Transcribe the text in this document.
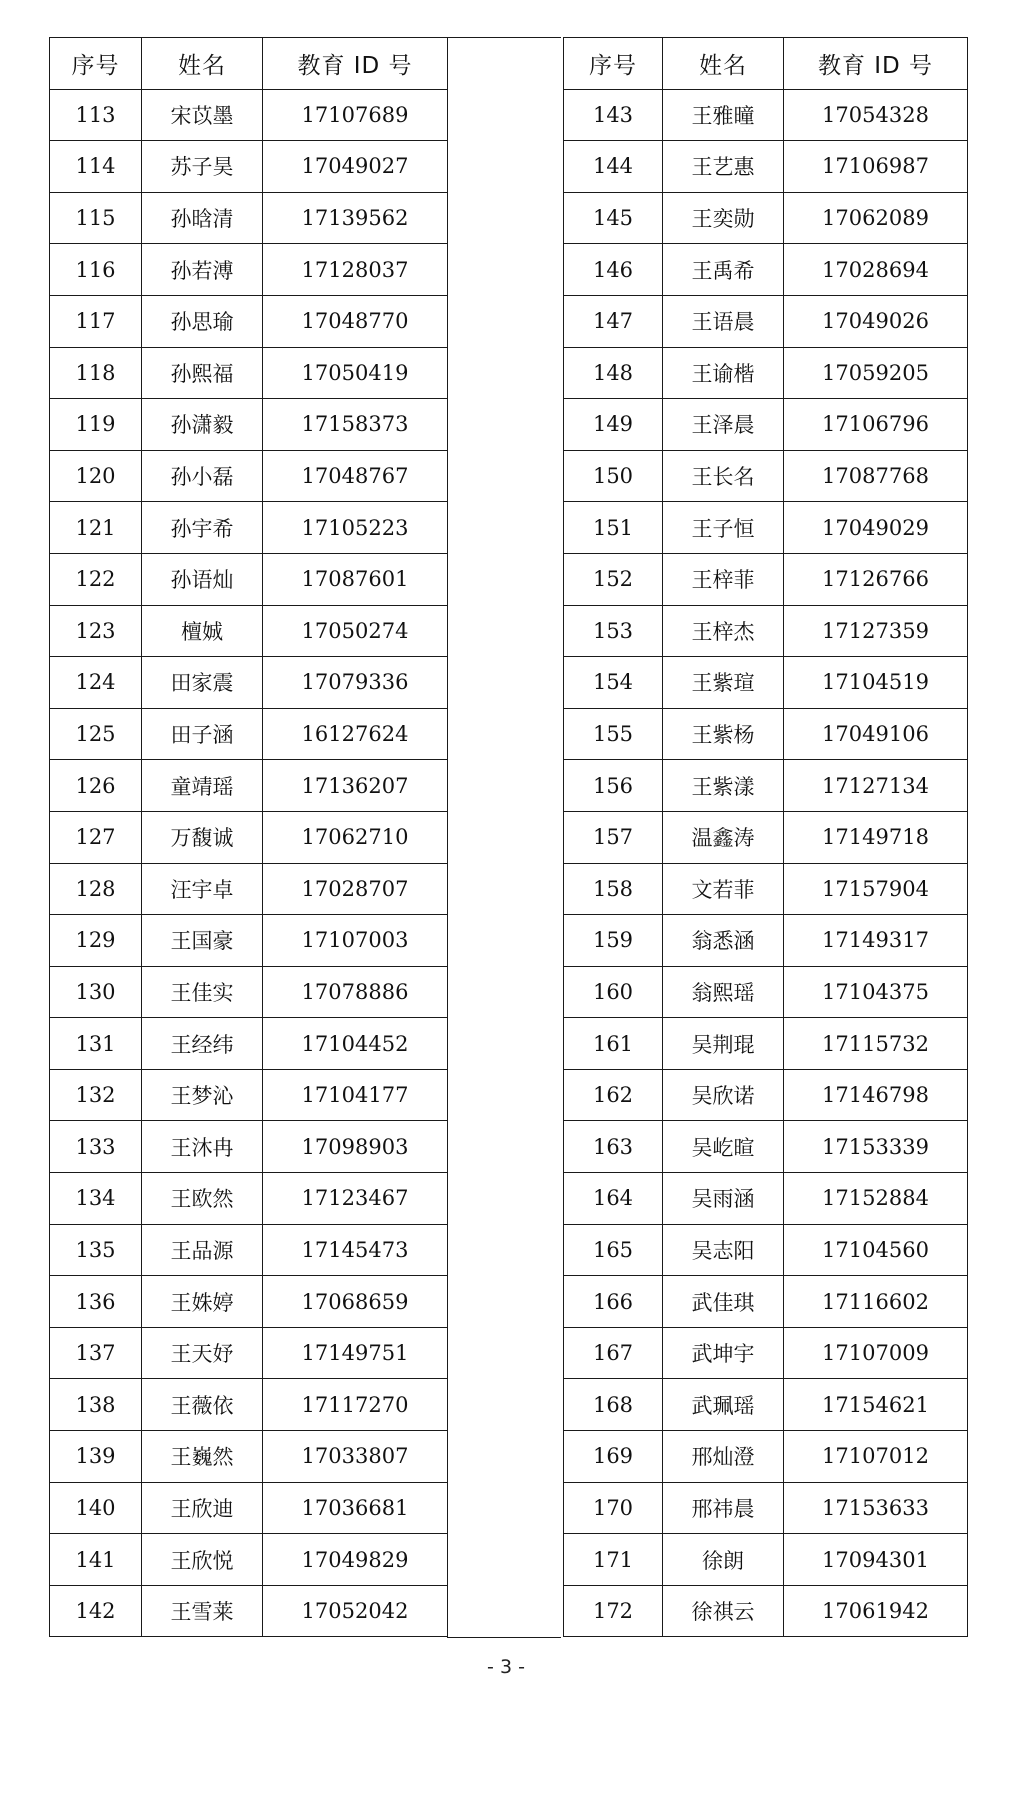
序号	姓名	教育 ID 号
113	宋苡墨	17107689
114	苏子昊	17049027
115	孙晗清	17139562
116	孙若溥	17128037
117	孙思瑜	17048770
118	孙熙福	17050419
119	孙潇毅	17158373
120	孙小磊	17048767
121	孙宇希	17105223
122	孙语灿	17087601
123	檀娍	17050274
124	田家震	17079336
125	田子涵	16127624
126	童靖瑶	17136207
127	万馥诚	17062710
128	汪宇卓	17028707
129	王国豪	17107003
130	王佳实	17078886
131	王经纬	17104452
132	王梦沁	17104177
133	王沐冉	17098903
134	王欧然	17123467
135	王品源	17145473
136	王姝婷	17068659
137	王天妤	17149751
138	王薇依	17117270
139	王巍然	17033807
140	王欣迪	17036681
141	王欣悦	17049829
142	王雪莱	17052042
序号	姓名	教育 ID 号
143	王雅曈	17054328
144	王艺惠	17106987
145	王奕勋	17062089
146	王禹希	17028694
147	王语晨	17049026
148	王谕楷	17059205
149	王泽晨	17106796
150	王长名	17087768
151	王子恒	17049029
152	王梓菲	17126766
153	王梓杰	17127359
154	王紫瑄	17104519
155	王紫杨	17049106
156	王紫漾	17127134
157	温鑫涛	17149718
158	文若菲	17157904
159	翁悉涵	17149317
160	翁熙瑶	17104375
161	吴荆琨	17115732
162	吴欣诺	17146798
163	吴屹暄	17153339
164	吴雨涵	17152884
165	吴志阳	17104560
166	武佳琪	17116602
167	武坤宇	17107009
168	武珮瑶	17154621
169	邢灿澄	17107012
170	邢祎晨	17153633
171	徐朗	17094301
172	徐祺云	17061942
- 3 -
